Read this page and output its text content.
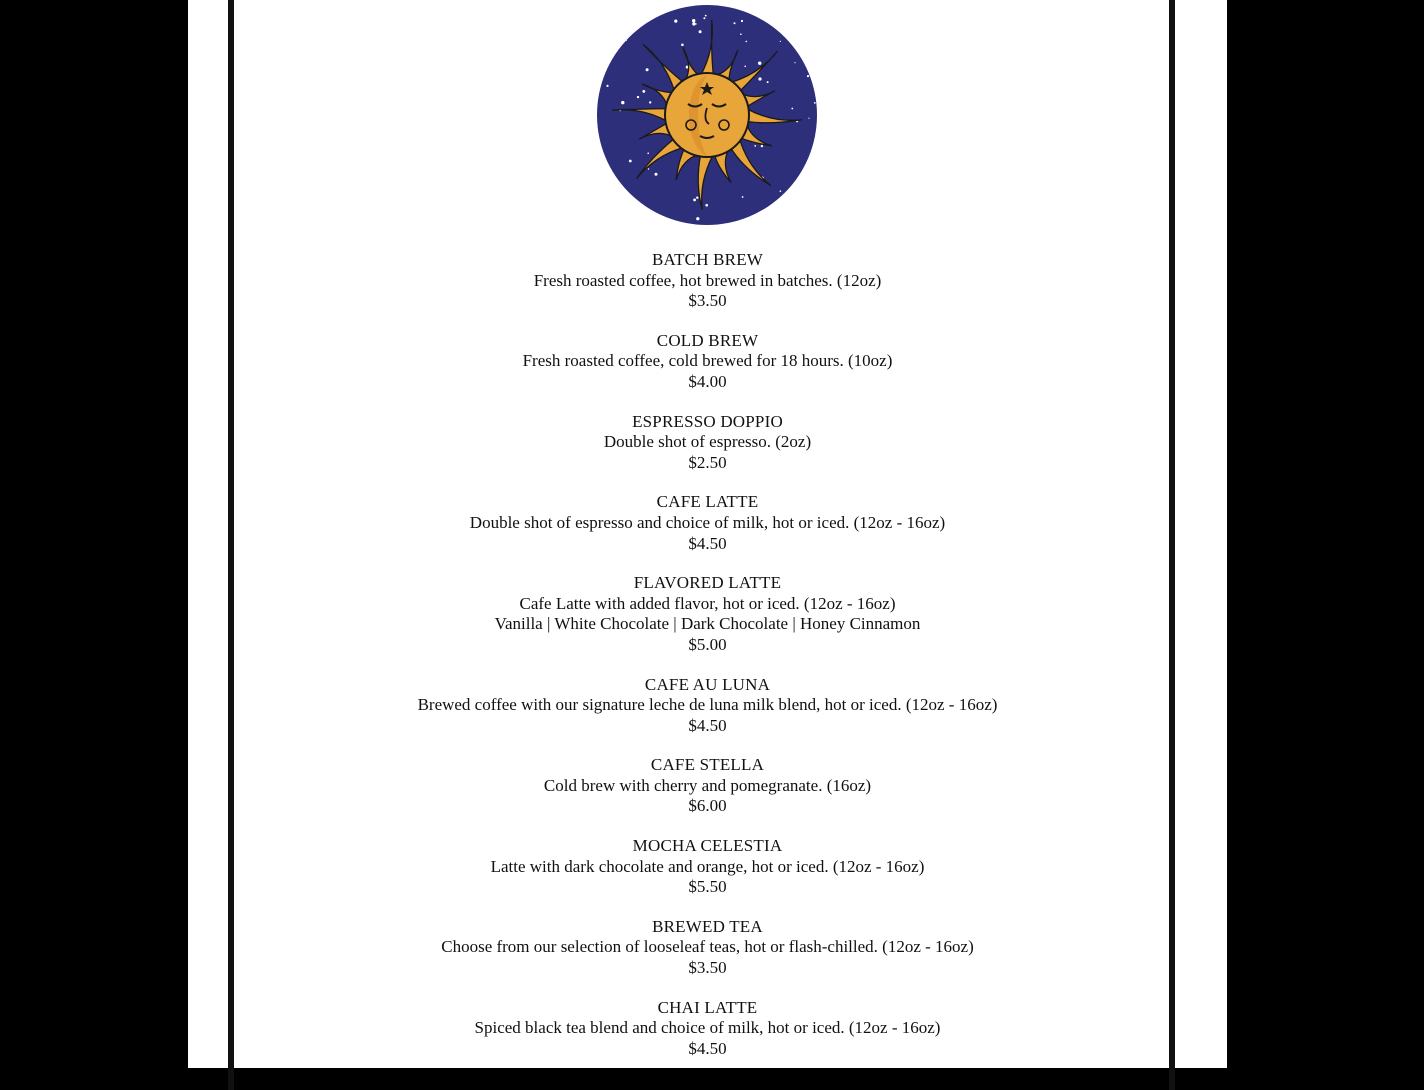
BATCH BREW
Fresh roasted coffee, hot brewed in batches. (12oz)
$3.50
COLD BREW
Fresh roasted coffee, cold brewed for 18 hours. (10oz)
$4.00
ESPRESSO DOPPIO
Double shot of espresso. (2oz)
$2.50
CAFE LATTE
Double shot of espresso and choice of milk, hot or iced. (12oz - 16oz)
$4.50
FLAVORED LATTE
Cafe Latte with added flavor, hot or iced. (12oz - 16oz)
Vanilla | White Chocolate | Dark Chocolate | Honey Cinnamon
$5.00
CAFE AU LUNA
Brewed coffee with our signature leche de luna milk blend, hot or iced. (12oz - 16oz)
$4.50
CAFE STELLA
Cold brew with cherry and pomegranate. (16oz)
$6.00
MOCHA CELESTIA
Latte with dark chocolate and orange, hot or iced. (12oz - 16oz)
$5.50
BREWED TEA
Choose from our selection of looseleaf teas, hot or flash-chilled. (12oz - 16oz)
$3.50
CHAI LATTE
Spiced black tea blend and choice of milk, hot or iced. (12oz - 16oz)
$4.50
